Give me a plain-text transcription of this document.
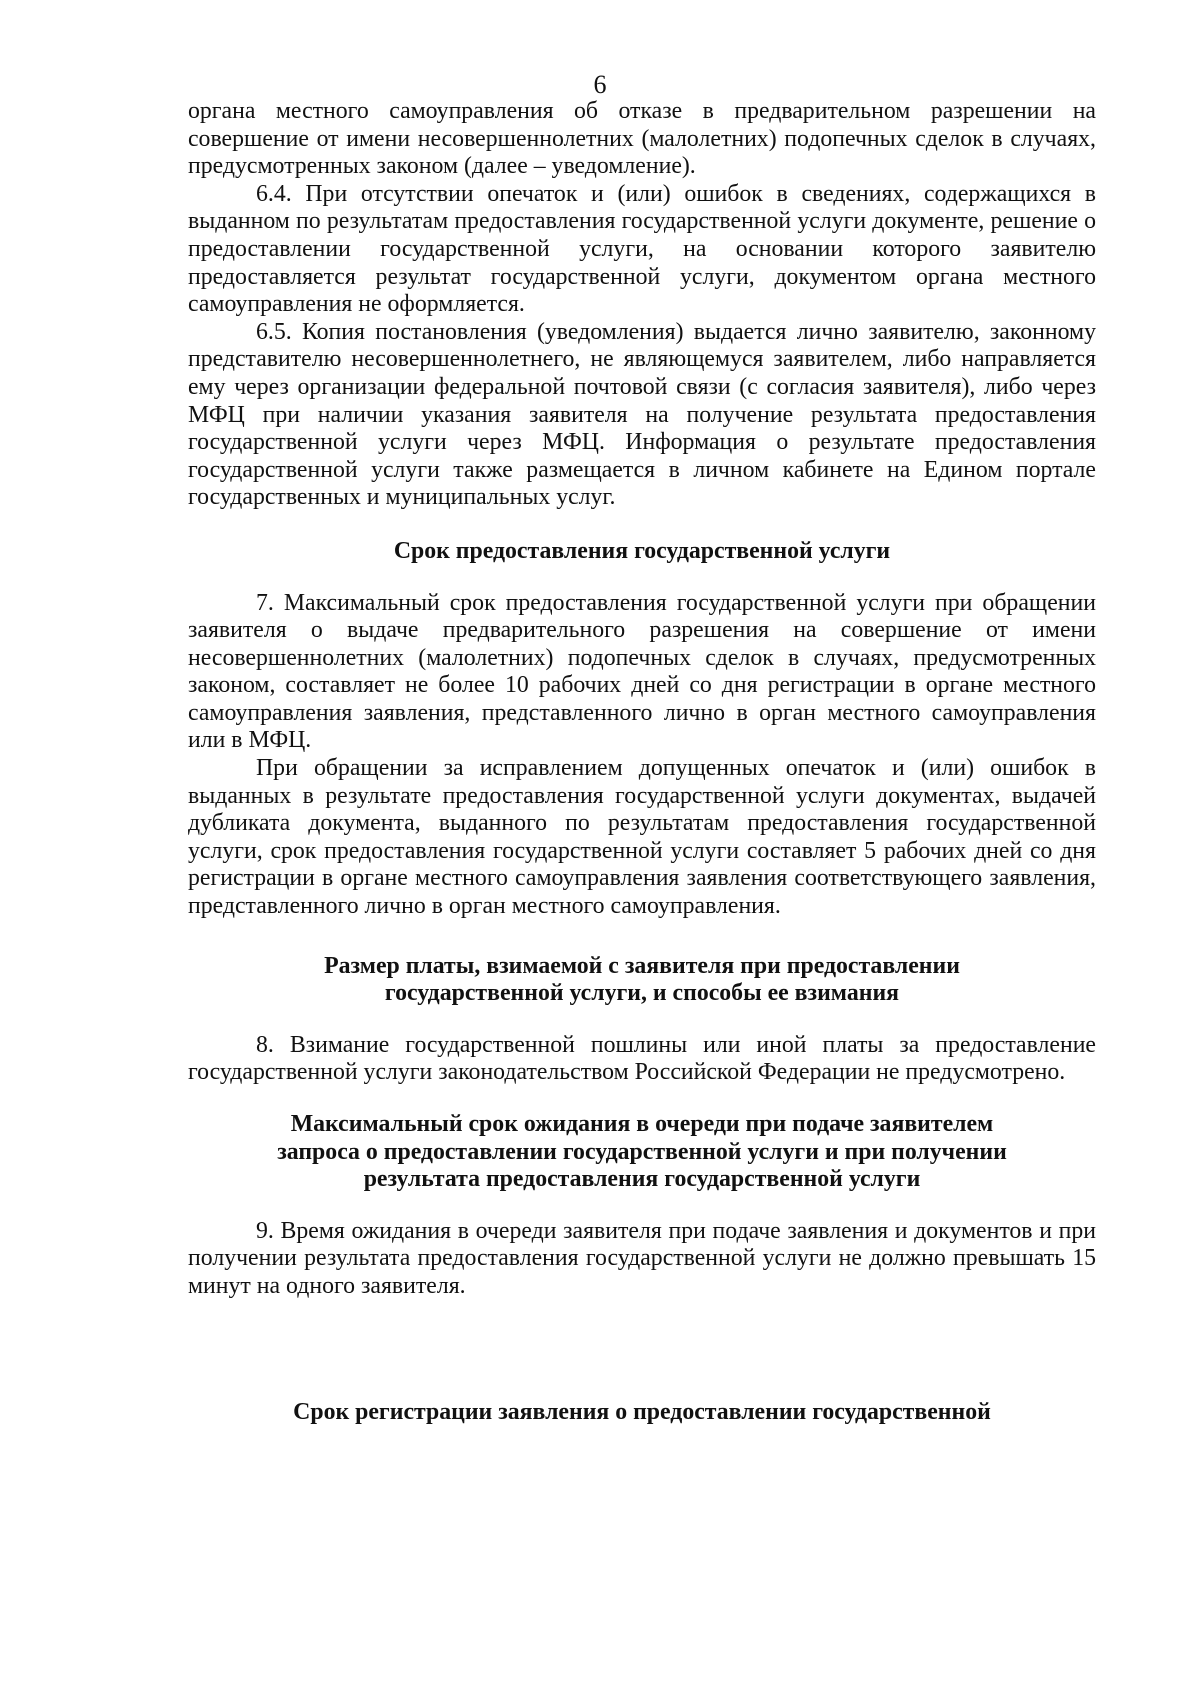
6

органа местного самоуправления об отказе в предварительном разрешении на совершение от имени несовершеннолетних (малолетних) подопечных сделок в случаях, предусмотренных законом (далее – уведомление).

6.4. При отсутствии опечаток и (или) ошибок в сведениях, содержащихся в выданном по результатам предоставления государственной услуги документе, решение о предоставлении государственной услуги, на основании которого заявителю предоставляется результат государственной услуги, документом органа местного самоуправления не оформляется.

6.5. Копия постановления (уведомления) выдается лично заявителю, законному представителю несовершеннолетнего, не являющемуся заявителем, либо направляется ему через организации федеральной почтовой связи (с согласия заявителя), либо через МФЦ при наличии указания заявителя на получение результата предоставления государственной услуги через МФЦ. Информация о результате предоставления государственной услуги также размещается в личном кабинете на Едином портале государственных и муниципальных услуг.

Срок предоставления государственной услуги

7. Максимальный срок предоставления государственной услуги при обращении заявителя о выдаче предварительного разрешения на совершение от имени несовершеннолетних (малолетних) подопечных сделок в случаях, предусмотренных законом, составляет не более 10 рабочих дней со дня регистрации в органе местного самоуправления заявления, представленного лично в орган местного самоуправления или в МФЦ.

При обращении за исправлением допущенных опечаток и (или) ошибок в выданных в результате предоставления государственной услуги документах, выдачей дубликата документа, выданного по результатам предоставления государственной услуги, срок предоставления государственной услуги составляет 5 рабочих дней со дня регистрации в органе местного самоуправления заявления соответствующего заявления, представленного лично в орган местного самоуправления.

Размер платы, взимаемой с заявителя при предоставлении
государственной услуги, и способы ее взимания

8. Взимание государственной пошлины или иной платы за предоставление государственной услуги законодательством Российской Федерации не предусмотрено.

Максимальный срок ожидания в очереди при подаче заявителем
запроса о предоставлении государственной услуги и при получении
результата предоставления государственной услуги

9. Время ожидания в очереди заявителя при подаче заявления и документов и при получении результата предоставления государственной услуги не должно превышать 15 минут на одного заявителя.

Срок регистрации заявления о предоставлении государственной
